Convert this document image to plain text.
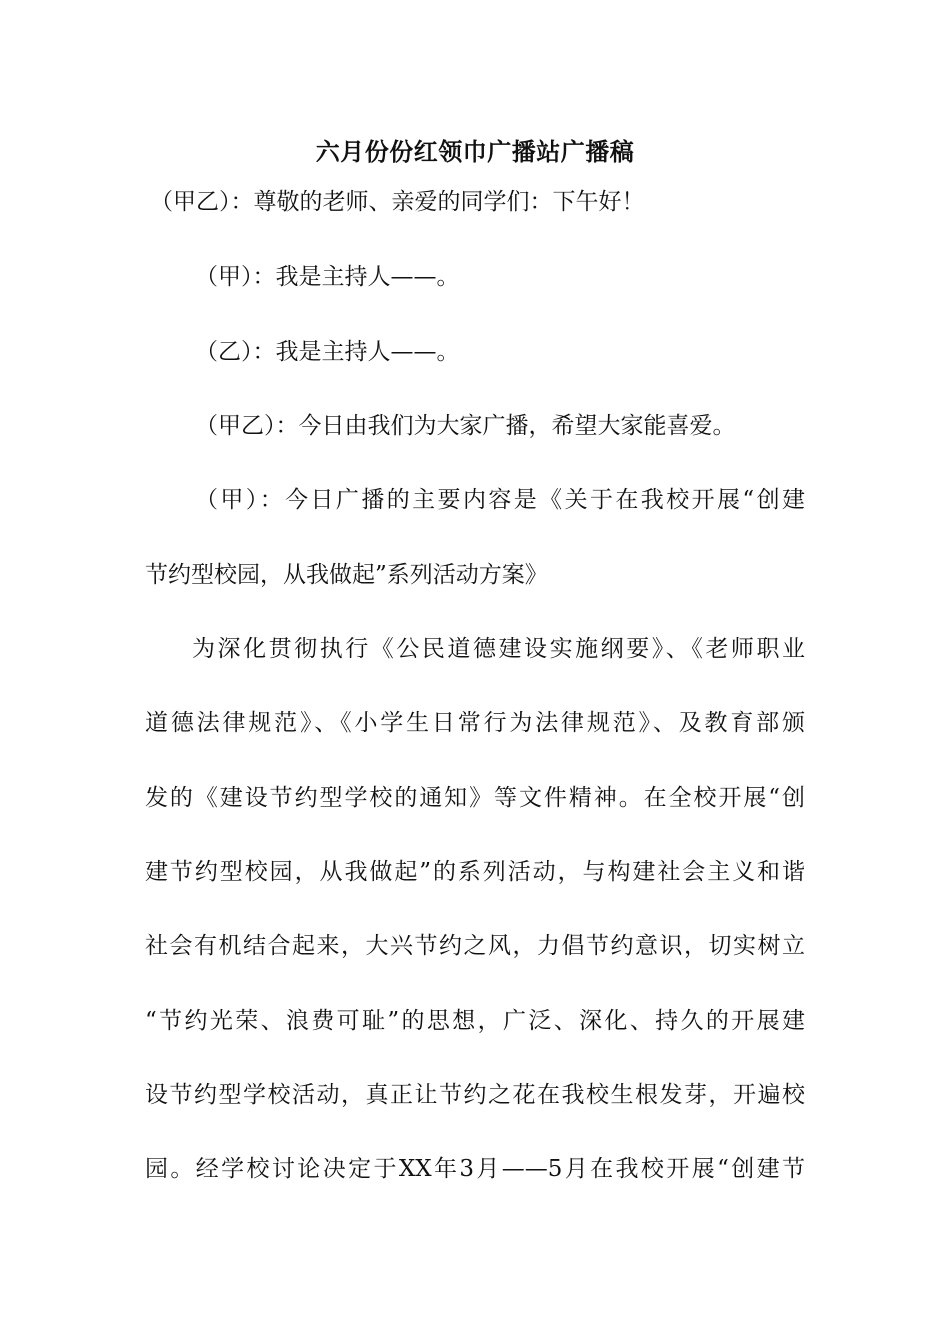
六月份份红领巾广播站广播稿
（甲乙）：尊敬的老师、亲爱的同学们：下午好！
（甲）：我是主持人——。
（乙）：我是主持人——。
（甲乙）：今日由我们为大家广播，希望大家能喜爱。
（甲）：今日广播的主要内容是《关于在我校开展“创建
节约型校园，从我做起”系列活动方案》
为深化贯彻执行《公民道德建设实施纲要》、《老师职业
道德法律规范》、《小学生日常行为法律规范》、及教育部颁
发的《建设节约型学校的通知》等文件精神。在全校开展“创
建节约型校园，从我做起”的系列活动，与构建社会主义和谐
社会有机结合起来，大兴节约之风，力倡节约意识，切实树立
“节约光荣、浪费可耻”的思想，广泛、深化、持久的开展建
设节约型学校活动，真正让节约之花在我校生根发芽，开遍校
园。经学校讨论决定于XX年3月——5月在我校开展“创建节
